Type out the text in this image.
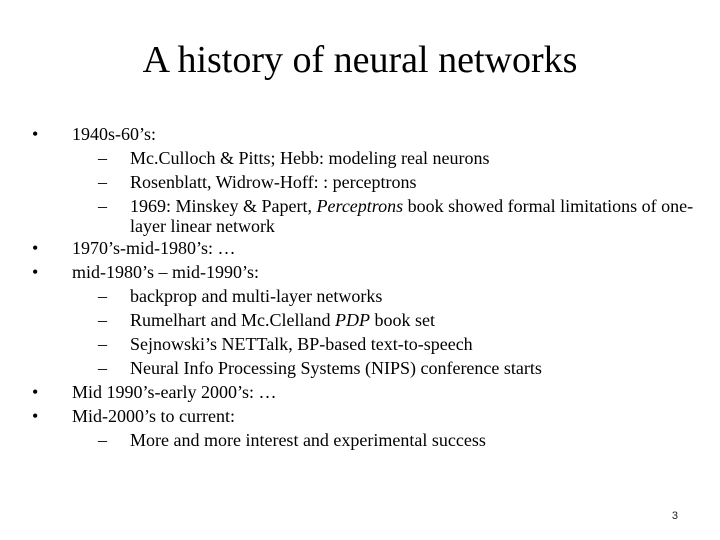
A history of neural networks
•	1940s-60’s:
–	Mc.Culloch & Pitts; Hebb: modeling real neurons
–	Rosenblatt, Widrow-Hoff: : perceptrons
–	1969: Minskey & Papert, Perceptrons book showed formal limitations of one-layer linear network
•	1970’s-mid-1980’s: …
•	mid-1980’s – mid-1990’s:
–	backprop and multi-layer networks
–	Rumelhart and Mc.Clelland PDP book set
–	Sejnowski’s NETTalk, BP-based text-to-speech
–	Neural Info Processing Systems (NIPS) conference starts
•	Mid 1990’s-early 2000’s: …
•	Mid-2000’s to current:
–	More and more interest and experimental success
3
